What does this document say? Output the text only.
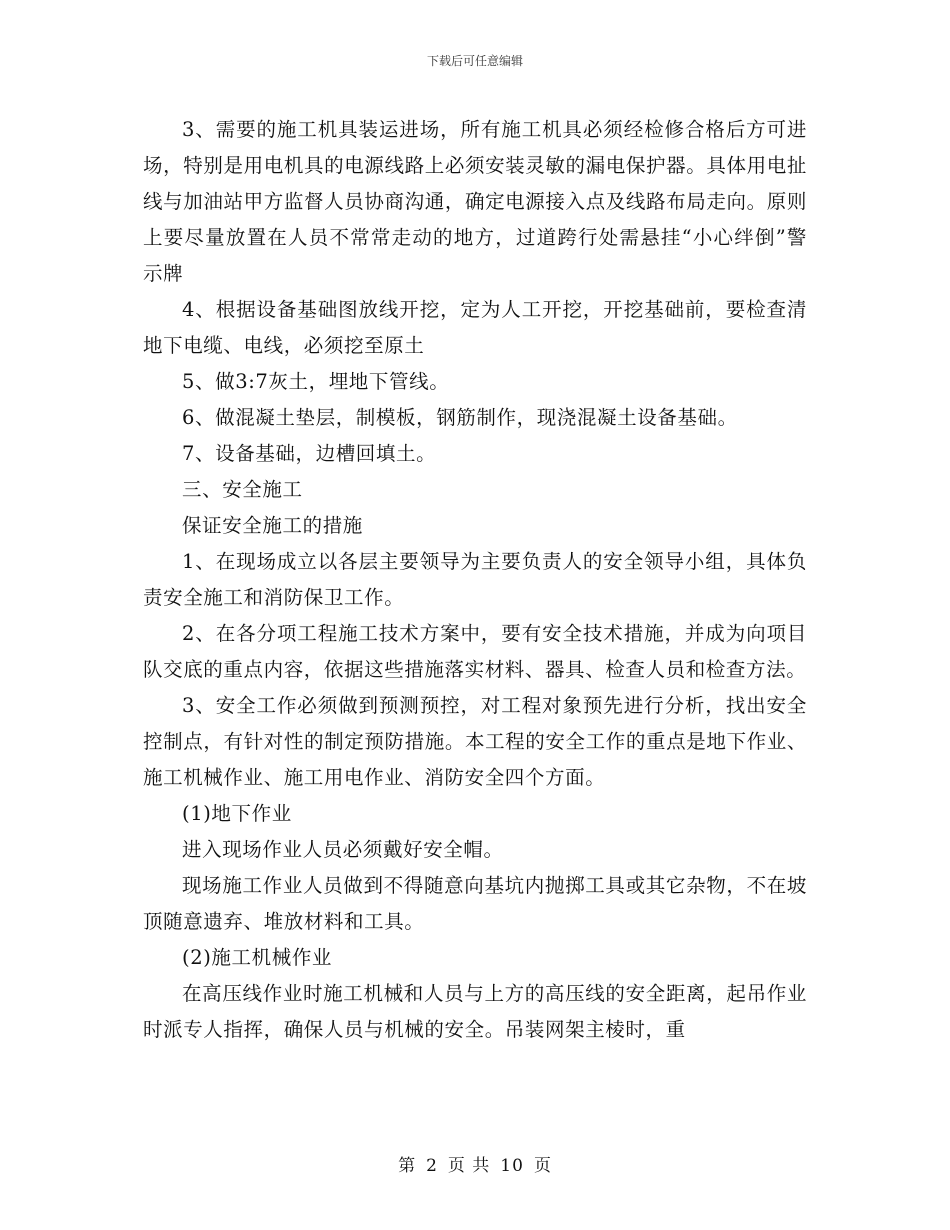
下载后可任意编辑

3、需要的施工机具装运进场，所有施工机具必须经检修合格后方可进场，特别是用电机具的电源线路上必须安装灵敏的漏电保护器。具体用电扯线与加油站甲方监督人员协商沟通，确定电源接入点及线路布局走向。原则上要尽量放置在人员不常常走动的地方，过道跨行处需悬挂“小心绊倒”警示牌

4、根据设备基础图放线开挖，定为人工开挖，开挖基础前，要检查清地下电缆、电线，必须挖至原土

5、做3:7灰土，埋地下管线。

6、做混凝土垫层，制模板，钢筋制作，现浇混凝土设备基础。

7、设备基础，边槽回填土。

三、安全施工

保证安全施工的措施

1、在现场成立以各层主要领导为主要负责人的安全领导小组，具体负责安全施工和消防保卫工作。

2、在各分项工程施工技术方案中，要有安全技术措施，并成为向项目队交底的重点内容，依据这些措施落实材料、器具、检查人员和检查方法。

3、安全工作必须做到预测预控，对工程对象预先进行分析，找出安全控制点，有针对性的制定预防措施。本工程的安全工作的重点是地下作业、施工机械作业、施工用电作业、消防安全四个方面。

(1)地下作业

进入现场作业人员必须戴好安全帽。

现场施工作业人员做到不得随意向基坑内抛掷工具或其它杂物，不在坡顶随意遗弃、堆放材料和工具。

(2)施工机械作业

在高压线作业时施工机械和人员与上方的高压线的安全距离，起吊作业时派专人指挥，确保人员与机械的安全。吊装网架主棱时，重

第 2 页 共 10 页
